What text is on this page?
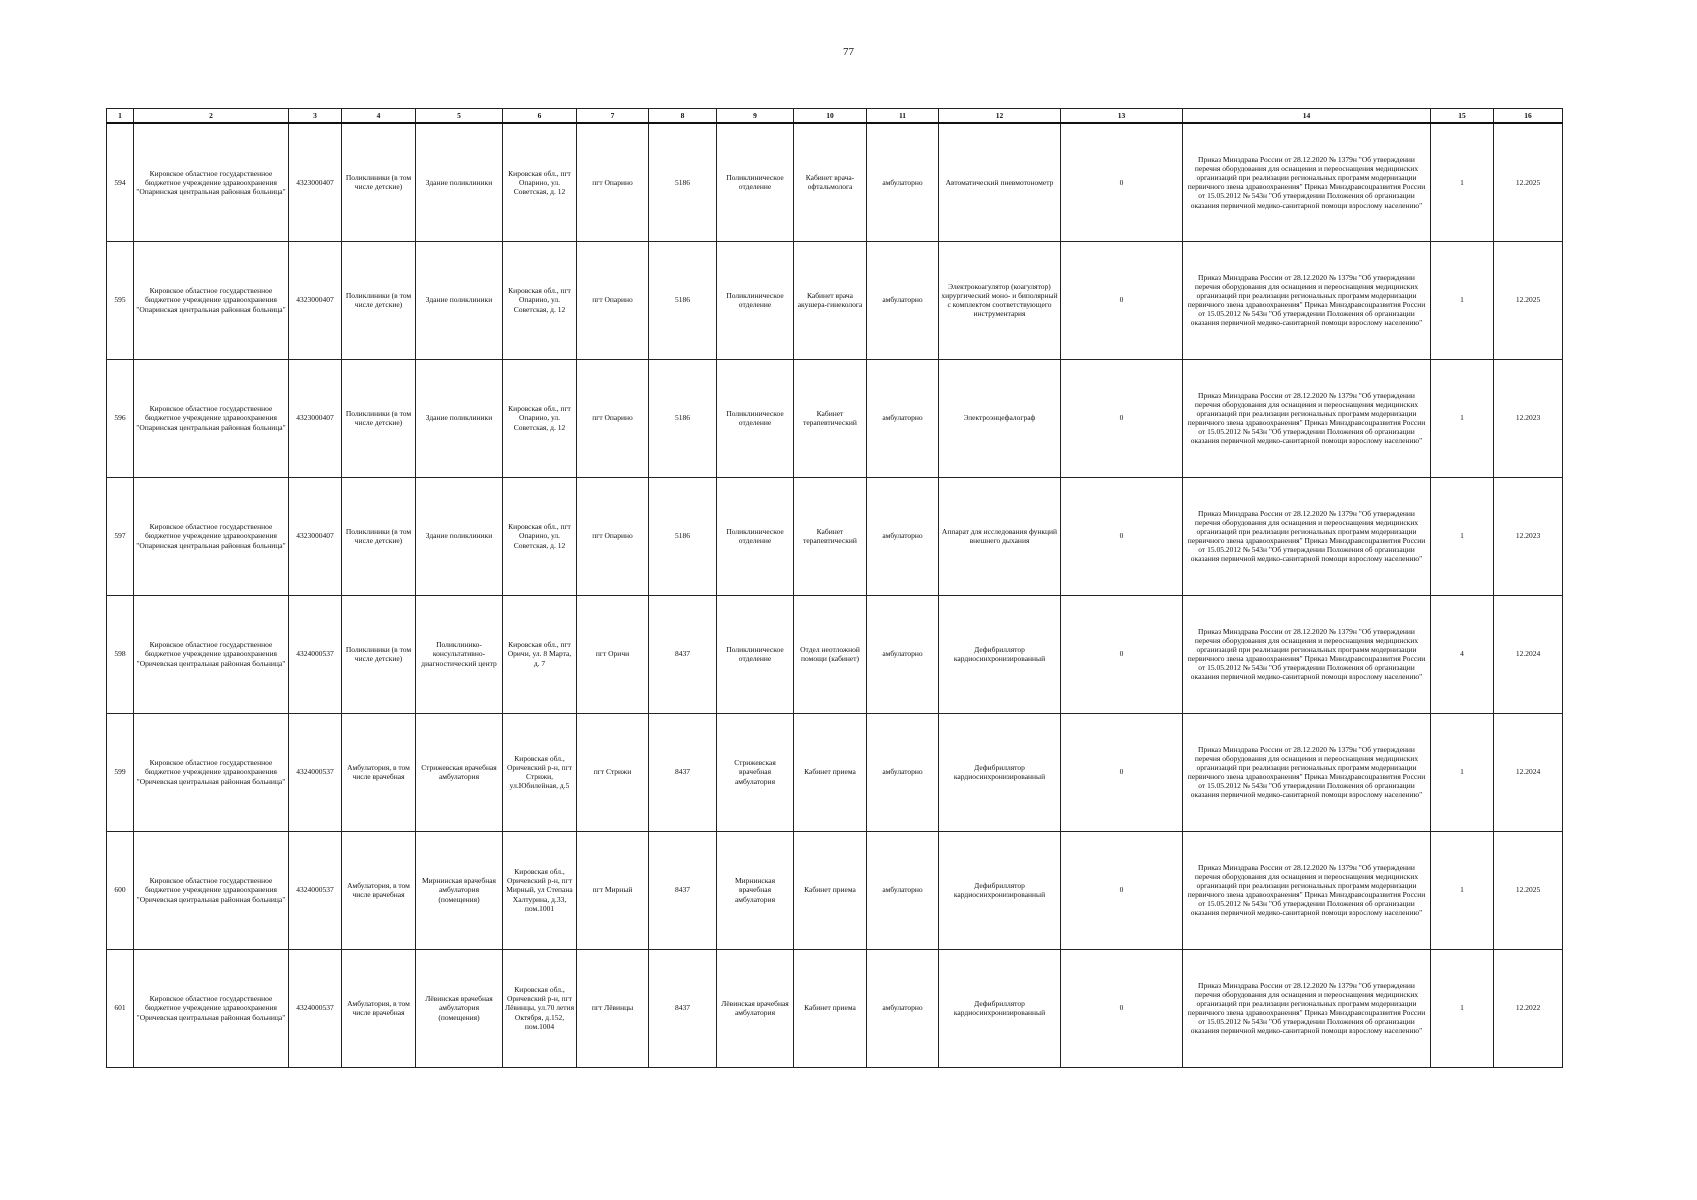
77
1	2	3	4	5	6	7	8	9	10	11	12	13	14	15	16
594	Кировское областное государственное бюджетное учреждение здравоохранения "Опаринская центральная районная больница"	4323000407	Поликлиники (в том числе детские)	Здание поликлиники	Кировская обл., пгт Опарино, ул. Советская, д. 12	пгт Опарино	5186	Поликлиническое отделение	Кабинет врача-офтальмолога	амбулаторно	Автоматический пневмотонометр	0	Приказ Минздрава России от 28.12.2020 № 1379н "Об утверждении перечня оборудования для оснащения и переоснащения медицинских организаций при реализации региональных программ модернизации первичного звена здравоохранения" Приказ Минздравсоцразвития России от 15.05.2012 № 543н "Об утверждении Положения об организации оказания первичной медико-санитарной помощи взрослому населению"	1	12.2025
595	Кировское областное государственное бюджетное учреждение здравоохранения "Опаринская центральная районная больница"	4323000407	Поликлиники (в том числе детские)	Здание поликлиники	Кировская обл., пгт Опарино, ул. Советская, д. 12	пгт Опарино	5186	Поликлиническое отделение	Кабинет врача акушера-гинеколога	амбулаторно	Электрокоагулятор (коагулятор) хирургический моно- и биполярный с комплектом соответствующего инструментария	0	Приказ Минздрава России от 28.12.2020 № 1379н "Об утверждении перечня оборудования для оснащения и переоснащения медицинских организаций при реализации региональных программ модернизации первичного звена здравоохранения" Приказ Минздравсоцразвития России от 15.05.2012 № 543н "Об утверждении Положения об организации оказания первичной медико-санитарной помощи взрослому населению"	1	12.2025
596	Кировское областное государственное бюджетное учреждение здравоохранения "Опаринская центральная районная больница"	4323000407	Поликлиники (в том числе детские)	Здание поликлиники	Кировская обл., пгт Опарино, ул. Советская, д. 12	пгт Опарино	5186	Поликлиническое отделение	Кабинет терапевтический	амбулаторно	Электроэнцефалограф	0	Приказ Минздрава России от 28.12.2020 № 1379н "Об утверждении перечня оборудования для оснащения и переоснащения медицинских организаций при реализации региональных программ модернизации первичного звена здравоохранения" Приказ Минздравсоцразвития России от 15.05.2012 № 543н "Об утверждении Положения об организации оказания первичной медико-санитарной помощи взрослому населению"	1	12.2023
597	Кировское областное государственное бюджетное учреждение здравоохранения "Опаринская центральная районная больница"	4323000407	Поликлиники (в том числе детские)	Здание поликлиники	Кировская обл., пгт Опарино, ул. Советская, д. 12	пгт Опарино	5186	Поликлиническое отделение	Кабинет терапевтический	амбулаторно	Аппарат для исследования функций внешнего дыхания	0	Приказ Минздрава России от 28.12.2020 № 1379н "Об утверждении перечня оборудования для оснащения и переоснащения медицинских организаций при реализации региональных программ модернизации первичного звена здравоохранения" Приказ Минздравсоцразвития России от 15.05.2012 № 543н "Об утверждении Положения об организации оказания первичной медико-санитарной помощи взрослому населению"	1	12.2023
598	Кировское областное государственное бюджетное учреждение здравоохранения "Оричевская центральная районная больница"	4324000537	Поликлиники (в том числе детские)	Поликлинико-консультативно-диагностический центр	Кировская обл., пгт Оричи, ул. 8 Марта, д. 7	пгт Оричи	8437	Поликлиническое отделение	Отдел неотложной помощи (кабинет)	амбулаторно	Дефибриллятор кардиосинхронизированный	0	Приказ Минздрава России от 28.12.2020 № 1379н "Об утверждении перечня оборудования для оснащения и переоснащения медицинских организаций при реализации региональных программ модернизации первичного звена здравоохранения" Приказ Минздравсоцразвития России от 15.05.2012 № 543н "Об утверждении Положения об организации оказания первичной медико-санитарной помощи взрослому населению"	4	12.2024
599	Кировское областное государственное бюджетное учреждение здравоохранения "Оричевская центральная районная больница"	4324000537	Амбулатория, в том числе врачебная	Стрижевская врачебная амбулатория	Кировская обл., Оричевский р-н, пгт Стрижи, ул.Юбилейная, д.5	пгт Стрижи	8437	Стрижевская врачебная амбулатория	Кабинет приема	амбулаторно	Дефибриллятор кардиосинхронизированный	0	Приказ Минздрава России от 28.12.2020 № 1379н "Об утверждении перечня оборудования для оснащения и переоснащения медицинских организаций при реализации региональных программ модернизации первичного звена здравоохранения" Приказ Минздравсоцразвития России от 15.05.2012 № 543н "Об утверждении Положения об организации оказания первичной медико-санитарной помощи взрослому населению"	1	12.2024
600	Кировское областное государственное бюджетное учреждение здравоохранения "Оричевская центральная районная больница"	4324000537	Амбулатория, в том числе врачебная	Мирнинская врачебная амбулатория (помещения)	Кировская обл., Оричевский р-н, пгт Мирный, ул Степана Халтурина, д.33, пом.1001	пгт Мирный	8437	Мирнинская врачебная амбулатория	Кабинет приема	амбулаторно	Дефибриллятор кардиосинхронизированный	0	Приказ Минздрава России от 28.12.2020 № 1379н "Об утверждении перечня оборудования для оснащения и переоснащения медицинских организаций при реализации региональных программ модернизации первичного звена здравоохранения" Приказ Минздравсоцразвития России от 15.05.2012 № 543н "Об утверждении Положения об организации оказания первичной медико-санитарной помощи взрослому населению"	1	12.2025
601	Кировское областное государственное бюджетное учреждение здравоохранения "Оричевская центральная районная больница"	4324000537	Амбулатория, в том числе врачебная	Лёвинская врачебная амбулатория (помещения)	Кировская обл., Оричевский р-н, пгт Лёвинцы, ул.70 летия Октября, д.152, пом.1004	пгт Лёвинцы	8437	Лёвинская врачебная амбулатория	Кабинет приема	амбулаторно	Дефибриллятор кардиосинхронизированный	0	Приказ Минздрава России от 28.12.2020 № 1379н "Об утверждении перечня оборудования для оснащения и переоснащения медицинских организаций при реализации региональных программ модернизации первичного звена здравоохранения" Приказ Минздравсоцразвития России от 15.05.2012 № 543н "Об утверждении Положения об организации оказания первичной медико-санитарной помощи взрослому населению"	1	12.2022
